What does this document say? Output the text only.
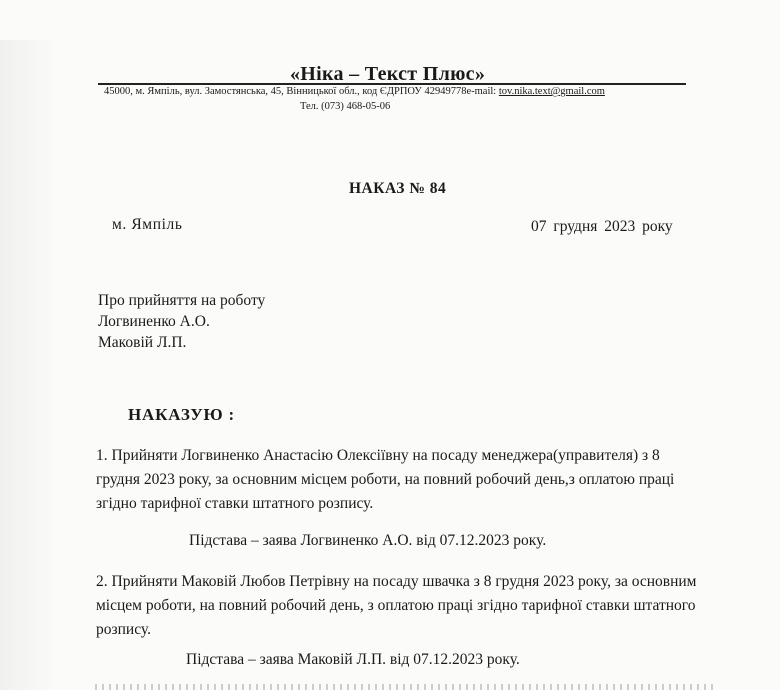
«Ніка – Текст Плюс»
45000, м. Ямпіль, вул. Замостянська, 45, Вінницької обл., код ЄДРПОУ 42949778e-mail: tov.nika.text@gmail.com
Тел. (073) 468-05-06
НАКАЗ № 84
м. Ямпіль	07 грудня 2023 року
Про прийняття на роботу
Логвиненко А.О.
Маковій Л.П.
НАКАЗУЮ :
1. Прийняти Логвиненко Анастасію Олексіївну на посаду менеджера(управителя) з 8 грудня 2023 року, за основним місцем роботи, на повний робочий день,з оплатою праці згідно тарифної ставки штатного розпису.
Підстава – заява Логвиненко А.О. від 07.12.2023 року.
2. Прийняти Маковій Любов Петрівну на посаду швачка з 8 грудня 2023 року, за основним місцем роботи, на повний робочий день, з оплатою праці згідно тарифної ставки штатного розпису.
Підстава – заява Маковій Л.П. від 07.12.2023 року.
